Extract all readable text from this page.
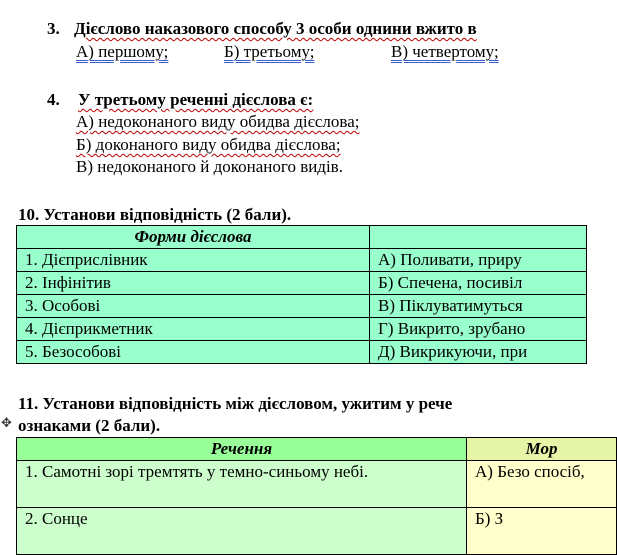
3. Дієслово наказового способу 3 особи однини вжито в
А) першому;	Б) третьому;	В) четвертому;
4. У третьому реченні дієслова є:
А) недоконаного виду обидва дієслова;
Б) доконаного виду обидва дієслова;
В) недоконаного й доконаного видів.
10. Установи відповідність (2 бали).
Форми дієслова	
1. Дієприслівник	А) Поливати, приру
2. Інфінітив	Б) Спечена, посивіл
3. Особові	В) Піклуватимуться
4. Дієприкметник	Г) Викрито, зрубано
5. Безособові	Д) Викрикуючи, при
11. Установи відповідність між дієсловом, ужитим у рече
✥ ознаками (2 бали).
Речення	Мор
1. Самотні зорі тремтять у темно-синьому небі.	А) Безо спосіб,
2. Сонце	Б) З
